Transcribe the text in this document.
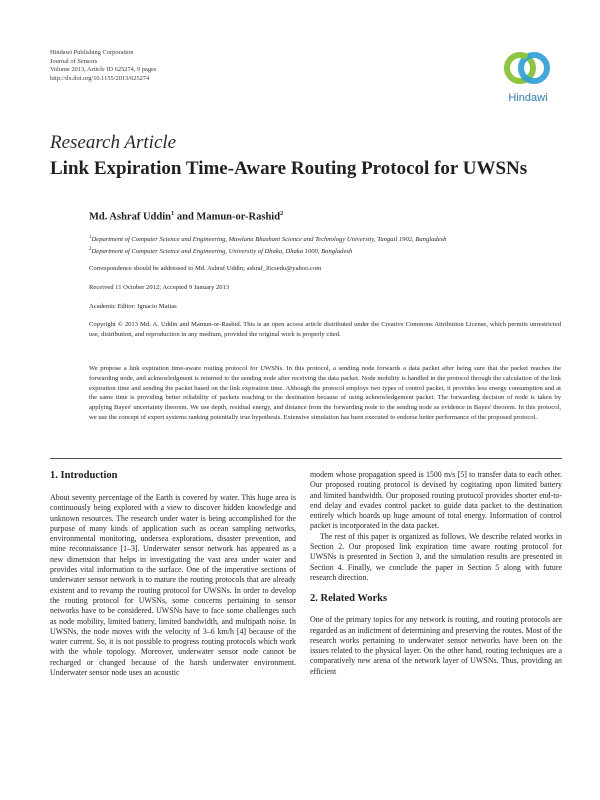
Hindawi Publishing Corporation
Journal of Sensors
Volume 2013, Article ID 625274, 9 pages
http://dx.doi.org/10.1155/2013/625274
Hindawi
Research Article
Link Expiration Time-Aware Routing Protocol for UWSNs
Md. Ashraf Uddin$^1$ and Mamun-or-Rashid$^2$
$^1$Department of Computer Science and Engineering, Mawlana Bhashani Science and Technology University, Tangail 1902, Bangladesh
$^2$Department of Computer Science and Engineering, University of Dhaka, Dhaka 1000, Bangladesh
Correspondence should be addressed to Md. Ashraf Uddin; ashraf_l6csedu@yahoo.com
Received 11 October 2012; Accepted 9 January 2013
Academic Editor: Ignacio Matias
Copyright © 2013 Md. A. Uddin and Mamun-or-Rashid. This is an open access article distributed under the Creative Commons Attribution License, which permits unrestricted use, distribution, and reproduction in any medium, provided the original work is properly cited.
We propose a link expiration time-aware routing protocol for UWSNs. In this protocol, a sending node forwards a data packet after being sure that the packet reaches the forwarding node, and acknowledgment is returned to the sending node after receiving the data packet. Node mobility is handled in the protocol through the calculation of the link expiration time and sending the packet based on the link expiration time. Although the protocol employs two types of control packet, it provides less energy consumption and at the same time is providing better reliability of packets reaching to the destination because of using acknowledgement packet. The forwarding decision of node is taken by applying Bayes' uncertainty theorem. We use depth, residual energy, and distance from the forwarding node to the sending node as evidence in Bayes' theorem. In this protocol, we use the concept of expert systems ranking potentially true hypothesis. Extensive simulation has been executed to endorse better performance of the proposed protocol.
1. Introduction

About seventy percentage of the Earth is covered by water. This huge area is continuously being explored with a view to discover hidden knowledge and unknown resources. The research under water is being accomplished for the purpose of many kinds of application such as ocean sampling networks, environmental monitoring, undersea explorations, disaster prevention, and mine reconnaissance [1–3]. Underwater sensor network has appeared as a new dimension that helps in investigating the vast area under water and provides vital information to the surface. One of the imperative sections of underwater sensor network is to mature the routing protocols that are already existent and to revamp the routing protocol for UWSNs. In order to develop the routing protocol for UWSNs, some concerns pertaining to sensor networks have to be considered. UWSNs have to face some challenges such as node mobility, limited battery, limited bandwidth, and multipath noise. In UWSNs, the node moves with the velocity of 3–6 km/h [4] because of the water current. So, it is not possible to progress routing protocols which work with the whole topology. Moreover, underwater sensor node cannot be recharged or changed because of the harsh underwater environment. Underwater sensor node uses an acoustic

modem whose propagation speed is 1500 m/s [5] to transfer data to each other. Our proposed routing protocol is devised by cogitating upon limited battery and limited bandwidth. Our proposed routing protocol provides shorter end-to-end delay and evades control packet to guide data packet to the destination entirely which hoards up huge amount of total energy. Information of control packet is incorporated in the data packet.

The rest of this paper is organized as follows. We describe related works in Section 2. Our proposed link expiration time aware routing protocol for UWSNs is presented in Section 3, and the simulation results are presented in Section 4. Finally, we conclude the paper in Section 5 along with future research direction.

2. Related Works

One of the primary topics for any network is routing, and routing protocols are regarded as an indictment of determining and preserving the routes. Most of the research works pertaining to underwater sensor networks have been on the issues related to the physical layer. On the other hand, routing techniques are a comparatively new arena of the network layer of UWSNs. Thus, providing an efficient
